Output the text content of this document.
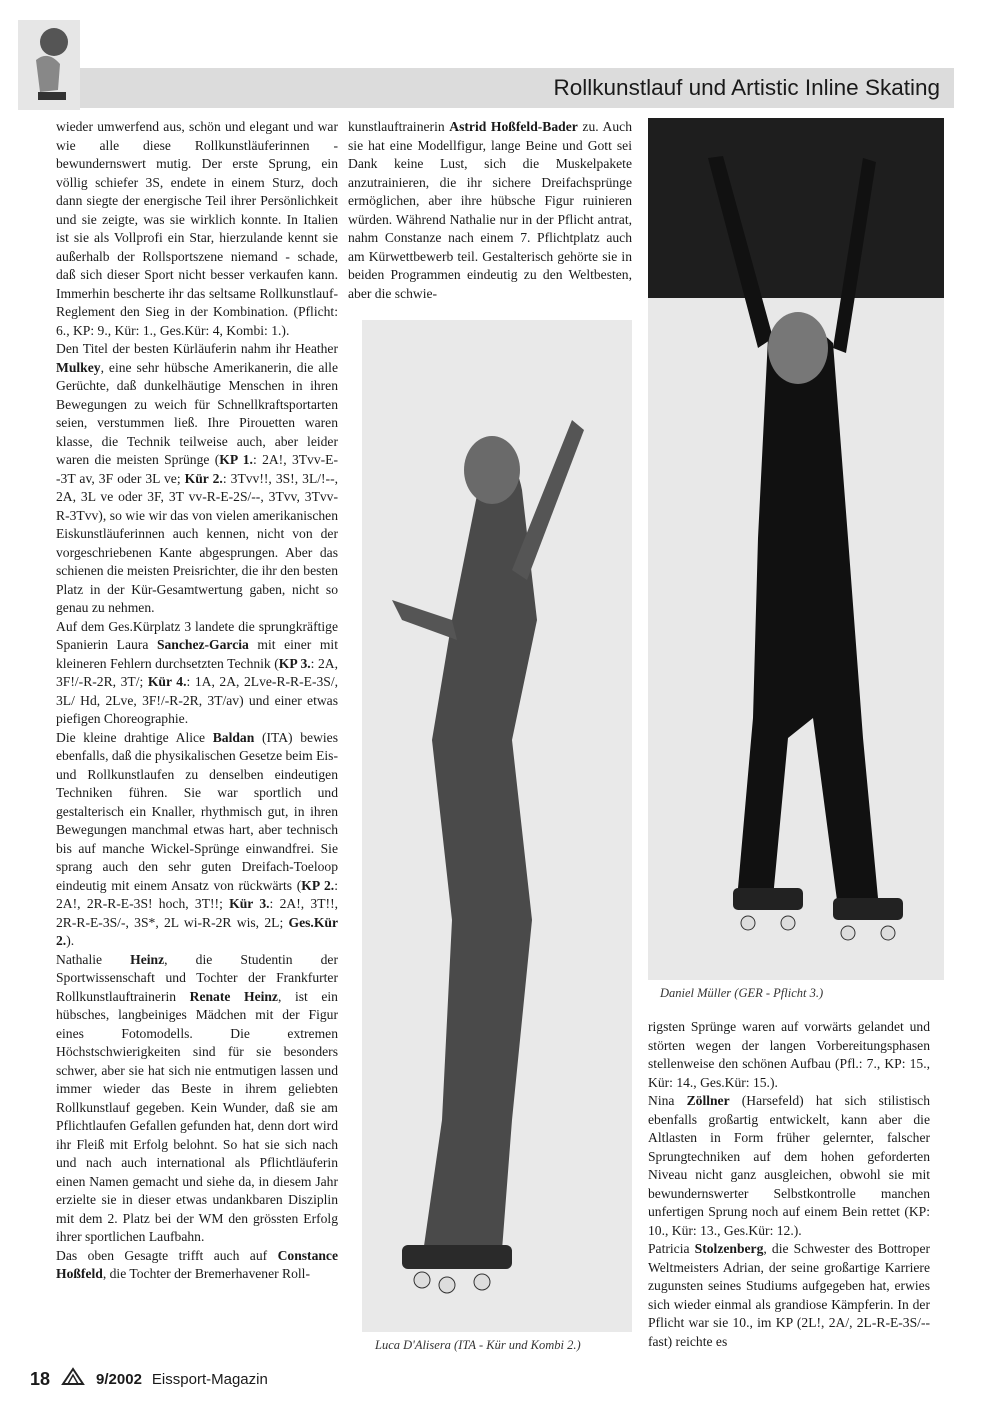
Rollkunstlauf und Artistic Inline Skating

wieder umwerfend aus, schön und elegant und war wie alle diese Rollkunstläuferinnen - bewundernswert mutig. Der erste Sprung, ein völlig schiefer 3S, endete in einem Sturz, doch dann siegte der energische Teil ihrer Persönlichkeit und sie zeigte, was sie wirklich konnte. In Italien ist sie als Vollprofi ein Star, hierzulande kennt sie außerhalb der Rollsportszene niemand - schade, daß sich dieser Sport nicht besser verkaufen kann. Immerhin bescherte ihr das seltsame Rollkunstlauf-Reglement den Sieg in der Kombination. (Pflicht: 6., KP: 9., Kür: 1., Ges.Kür: 4, Kombi: 1.).

Den Titel der besten Kürläuferin nahm ihr Heather Mulkey, eine sehr hübsche Amerikanerin, die alle Gerüchte, daß dunkelhäutige Menschen in ihren Bewegungen zu weich für Schnellkraftsportarten seien, verstummen ließ. Ihre Pirouetten waren klasse, die Technik teilweise auch, aber leider waren die meisten Sprünge (KP 1.: 2A!, 3Tvv-E--3T av, 3F oder 3L ve; Kür 2.: 3Tvv!!, 3S!, 3L/!--, 2A, 3L ve oder 3F, 3T vv-R-E-2S/--, 3Tvv, 3Tvv-R-3Tvv), so wie wir das von vielen amerikanischen Eiskunstläuferinnen auch kennen, nicht von der vorgeschriebenen Kante abgesprungen. Aber das schienen die meisten Preisrichter, die ihr den besten Platz in der Kür-Gesamtwertung gaben, nicht so genau zu nehmen.

Auf dem Ges.Kürplatz 3 landete die sprungkräftige Spanierin Laura Sanchez-Garcia mit einer mit kleineren Fehlern durchsetzten Technik (KP 3.: 2A, 3F!/-R-2R, 3T/; Kür 4.: 1A, 2A, 2Lve-R-R-E-3S/, 3L/ Hd, 2Lve, 3F!/-R-2R, 3T/av) und einer etwas piefigen Choreographie.

Die kleine drahtige Alice Baldan (ITA) bewies ebenfalls, daß die physikalischen Gesetze beim Eis- und Rollkunstlaufen zu denselben eindeutigen Techniken führen. Sie war sportlich und gestalterisch ein Knaller, rhythmisch gut, in ihren Bewegungen manchmal etwas hart, aber technisch bis auf manche Wickel-Sprünge einwandfrei. Sie sprang auch den sehr guten Dreifach-Toeloop eindeutig mit einem Ansatz von rückwärts (KP 2.: 2A!, 2R-R-E-3S! hoch, 3T!!; Kür 3.: 2A!, 3T!!, 2R-R-E-3S/-, 3S*, 2L wi-R-2R wis, 2L; Ges.Kür 2.).

Nathalie Heinz, die Studentin der Sportwissenschaft und Tochter der Frankfurter Rollkunstlauftrainerin Renate Heinz, ist ein hübsches, langbeiniges Mädchen mit der Figur eines Fotomodells. Die extremen Höchstschwierigkeiten sind für sie besonders schwer, aber sie hat sich nie entmutigen lassen und immer wieder das Beste in ihrem geliebten Rollkunstlauf gegeben. Kein Wunder, daß sie am Pflichtlaufen Gefallen gefunden hat, denn dort wird ihr Fleiß mit Erfolg belohnt. So hat sie sich nach und nach auch international als Pflichtläuferin einen Namen gemacht und siehe da, in diesem Jahr erzielte sie in dieser etwas undankbaren Disziplin mit dem 2. Platz bei der WM den grössten Erfolg ihrer sportlichen Laufbahn.

Das oben Gesagte trifft auch auf Constance Hoßfeld, die Tochter der Bremerhavener Roll-

kunstlauftrainerin Astrid Hoßfeld-Bader zu. Auch sie hat eine Modellfigur, lange Beine und Gott sei Dank keine Lust, sich die Muskelpakete anzutrainieren, die ihr sichere Dreifachsprünge ermöglichen, aber ihre hübsche Figur ruinieren würden. Während Nathalie nur in der Pflicht antrat, nahm Constanze nach einem 7. Pflichtplatz auch am Kürwettbewerb teil. Gestalterisch gehörte sie in beiden Programmen eindeutig zu den Weltbesten, aber die schwie-

Luca D'Alisera (ITA - Kür und Kombi 2.)
Daniel Müller (GER - Pflicht 3.)

rigsten Sprünge waren auf vorwärts gelandet und störten wegen der langen Vorbereitungsphasen stellenweise den schönen Aufbau (Pfl.: 7., KP: 15., Kür: 14., Ges.Kür: 15.).

Nina Zöllner (Harsefeld) hat sich stilistisch ebenfalls großartig entwickelt, kann aber die Altlasten in Form früher gelernter, falscher Sprungtechniken auf dem hohen geforderten Niveau nicht ganz ausgleichen, obwohl sie mit bewundernswerter Selbstkontrolle manchen unfertigen Sprung noch auf einem Bein rettet (KP: 10., Kür: 13., Ges.Kür: 12.).

Patricia Stolzenberg, die Schwester des Bottroper Weltmeisters Adrian, der seine großartige Karriere zugunsten seines Studiums aufgegeben hat, erwies sich wieder einmal als grandiose Kämpferin. In der Pflicht war sie 10., im KP (2L!, 2A/, 2L-R-E-3S/-- fast) reichte es

18	9/2002 Eissport-Magazin
